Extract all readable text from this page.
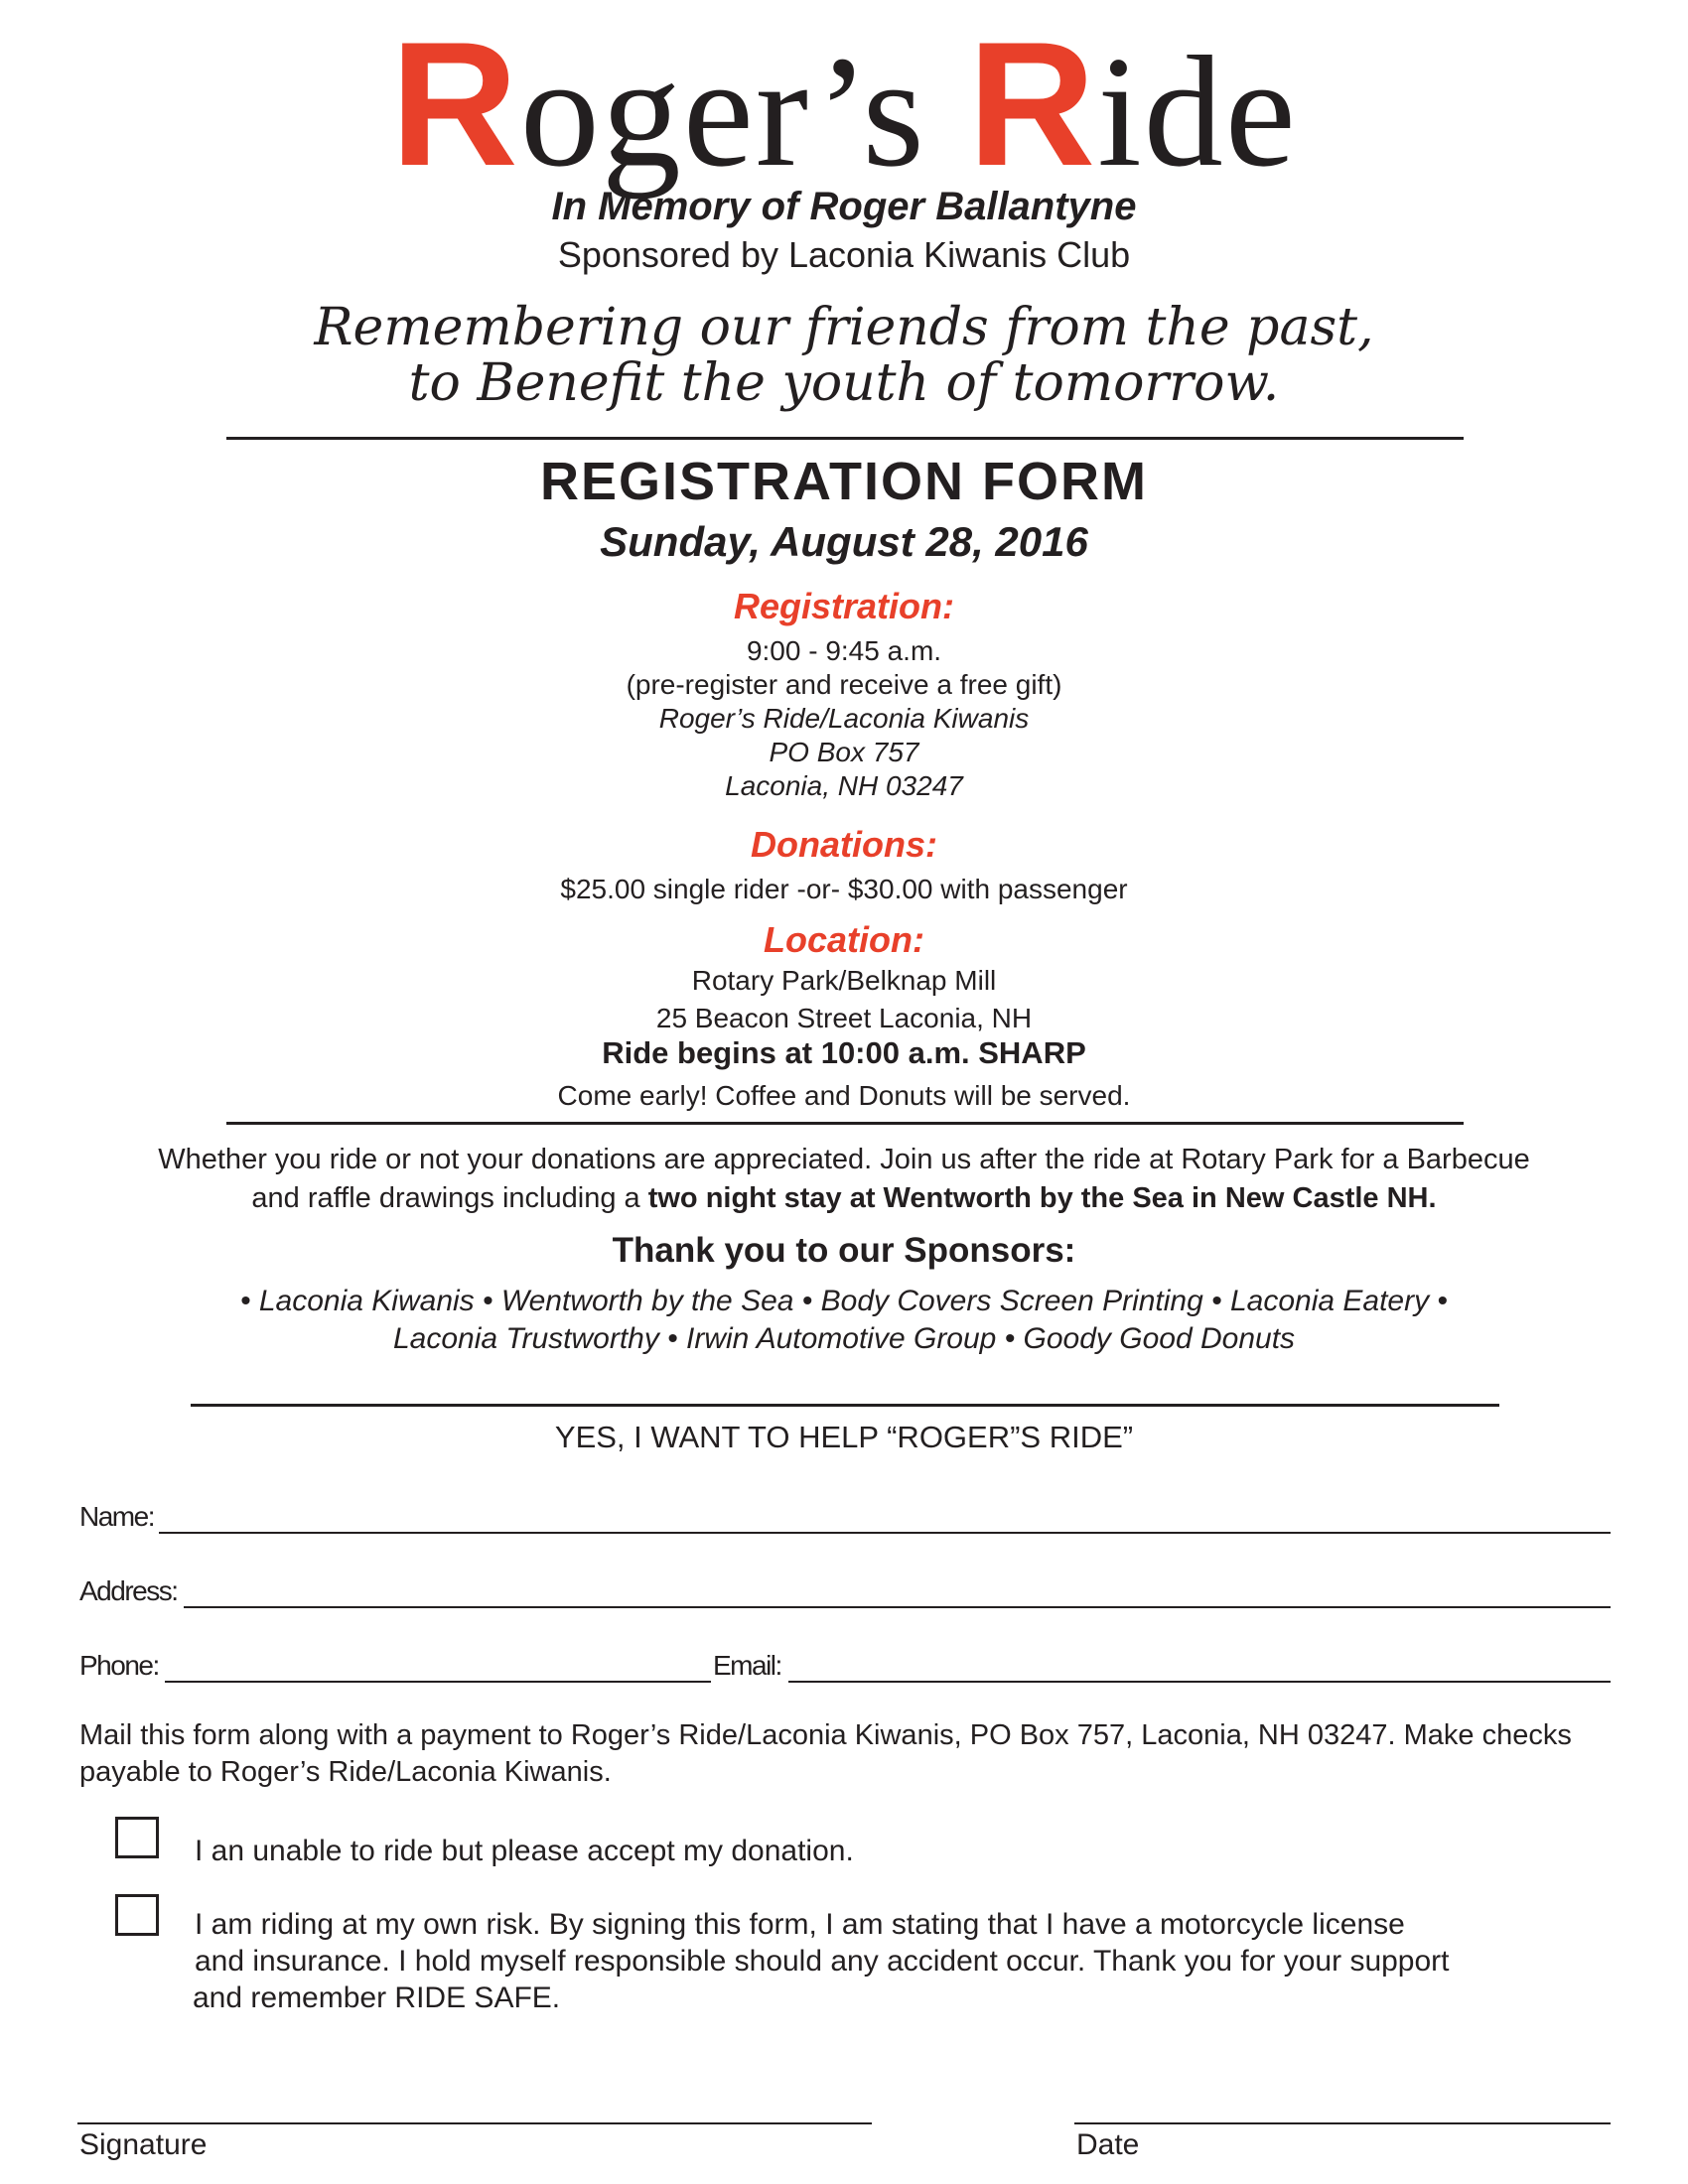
Roger’s Ride
In Memory of Roger Ballantyne
Sponsored by Laconia Kiwanis Club
Remembering our friends from the past,
to Benefit the youth of tomorrow.
REGISTRATION FORM
Sunday, August 28, 2016
Registration:
9:00 - 9:45 a.m.
(pre-register and receive a free gift)
Roger’s Ride/Laconia Kiwanis
PO Box 757
Laconia, NH 03247
Donations:
$25.00 single rider -or- $30.00 with passenger
Location:
Rotary Park/Belknap Mill
25 Beacon Street Laconia, NH
Ride begins at 10:00 a.m. SHARP
Come early! Coffee and Donuts will be served.
Whether you ride or not your donations are appreciated. Join us after the ride at Rotary Park for a Barbecue
and raffle drawings including a two night stay at Wentworth by the Sea in New Castle NH.
Thank you to our Sponsors:
• Laconia Kiwanis • Wentworth by the Sea • Body Covers Screen Printing • Laconia Eatery •
Laconia Trustworthy • Irwin Automotive Group • Goody Good Donuts
YES, I WANT TO HELP “ROGER”S RIDE”
Name:
Address:
Phone:	Email:
Mail this form along with a payment to Roger’s Ride/Laconia Kiwanis, PO Box 757, Laconia, NH 03247. Make checks payable to Roger’s Ride/Laconia Kiwanis.
I an unable to ride but please accept my donation.
I am riding at my own risk. By signing this form, I am stating that I have a motorcycle license
and insurance. I hold myself responsible should any accident occur. Thank you for your support
and remember RIDE SAFE.
Signature	Date
